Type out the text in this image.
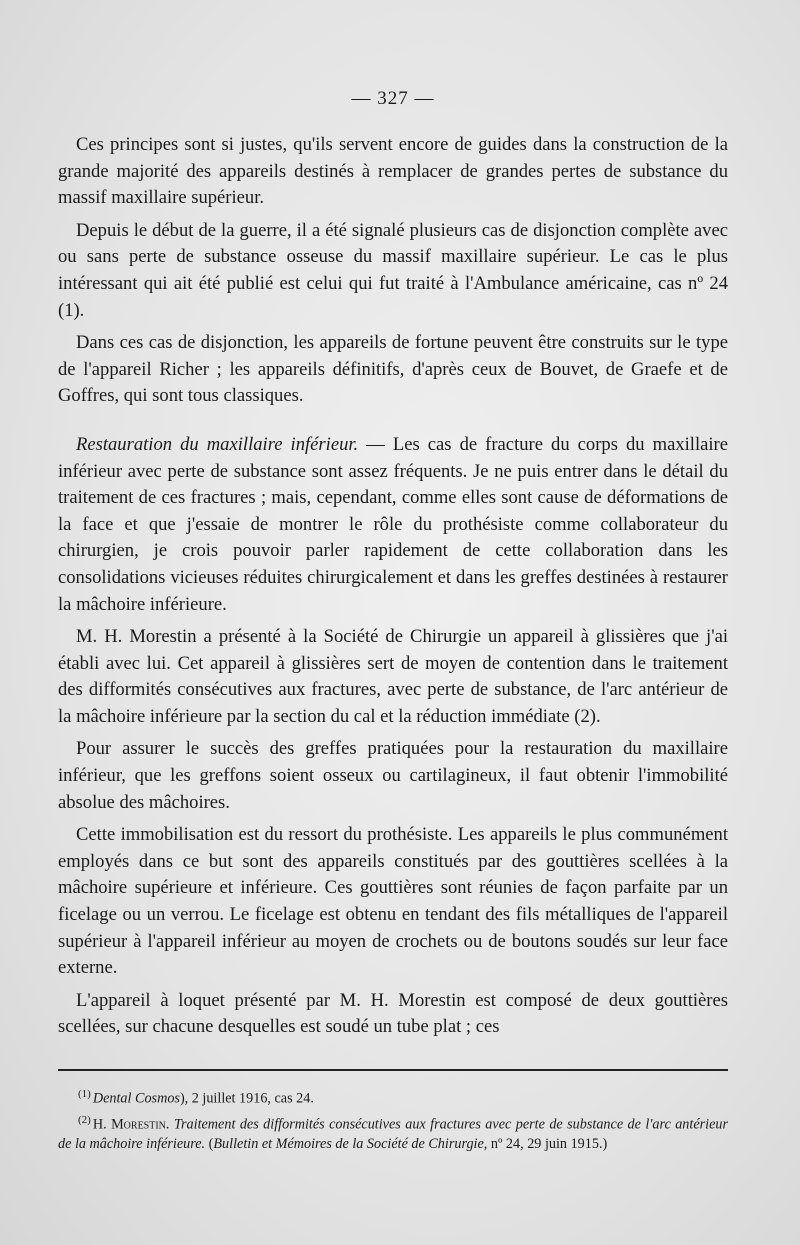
— 327 —

Ces principes sont si justes, qu'ils servent encore de guides dans la construction de la grande majorité des appareils destinés à remplacer de grandes pertes de substance du massif maxillaire supérieur.

Depuis le début de la guerre, il a été signalé plusieurs cas de disjonction complète avec ou sans perte de substance osseuse du massif maxillaire supérieur. Le cas le plus intéressant qui ait été publié est celui qui fut traité à l'Ambulance américaine, cas nº 24 (1).

Dans ces cas de disjonction, les appareils de fortune peuvent être construits sur le type de l'appareil Richer ; les appareils définitifs, d'après ceux de Bouvet, de Graefe et de Goffres, qui sont tous classiques.

Restauration du maxillaire inférieur. — Les cas de fracture du corps du maxillaire inférieur avec perte de substance sont assez fréquents. Je ne puis entrer dans le détail du traitement de ces fractures ; mais, cependant, comme elles sont cause de déformations de la face et que j'essaie de montrer le rôle du prothésiste comme collaborateur du chirurgien, je crois pouvoir parler rapidement de cette collaboration dans les consolidations vicieuses réduites chirurgicalement et dans les greffes destinées à restaurer la mâchoire inférieure.

M. H. Morestin a présenté à la Société de Chirurgie un appareil à glissières que j'ai établi avec lui. Cet appareil à glissières sert de moyen de contention dans le traitement des difformités consécutives aux fractures, avec perte de substance, de l'arc antérieur de la mâchoire inférieure par la section du cal et la réduction immédiate (2).

Pour assurer le succès des greffes pratiquées pour la restauration du maxillaire inférieur, que les greffons soient osseux ou cartilagineux, il faut obtenir l'immobilité absolue des mâchoires.

Cette immobilisation est du ressort du prothésiste. Les appareils le plus communément employés dans ce but sont des appareils constitués par des gouttières scellées à la mâchoire supérieure et inférieure. Ces gouttières sont réunies de façon parfaite par un ficelage ou un verrou. Le ficelage est obtenu en tendant des fils métalliques de l'appareil supérieur à l'appareil inférieur au moyen de crochets ou de boutons soudés sur leur face externe.

L'appareil à loquet présenté par M. H. Morestin est composé de deux gouttières scellées, sur chacune desquelles est soudé un tube plat ; ces

$^{(1)}$ Dental Cosmos), 2 juillet 1916, cas 24.

$^{(2)}$ H. Morestin. Traitement des difformités consécutives aux fractures avec perte de substance de l'arc antérieur de la mâchoire inférieure. (Bulletin et Mémoires de la Société de Chirurgie, nº 24, 29 juin 1915.)
